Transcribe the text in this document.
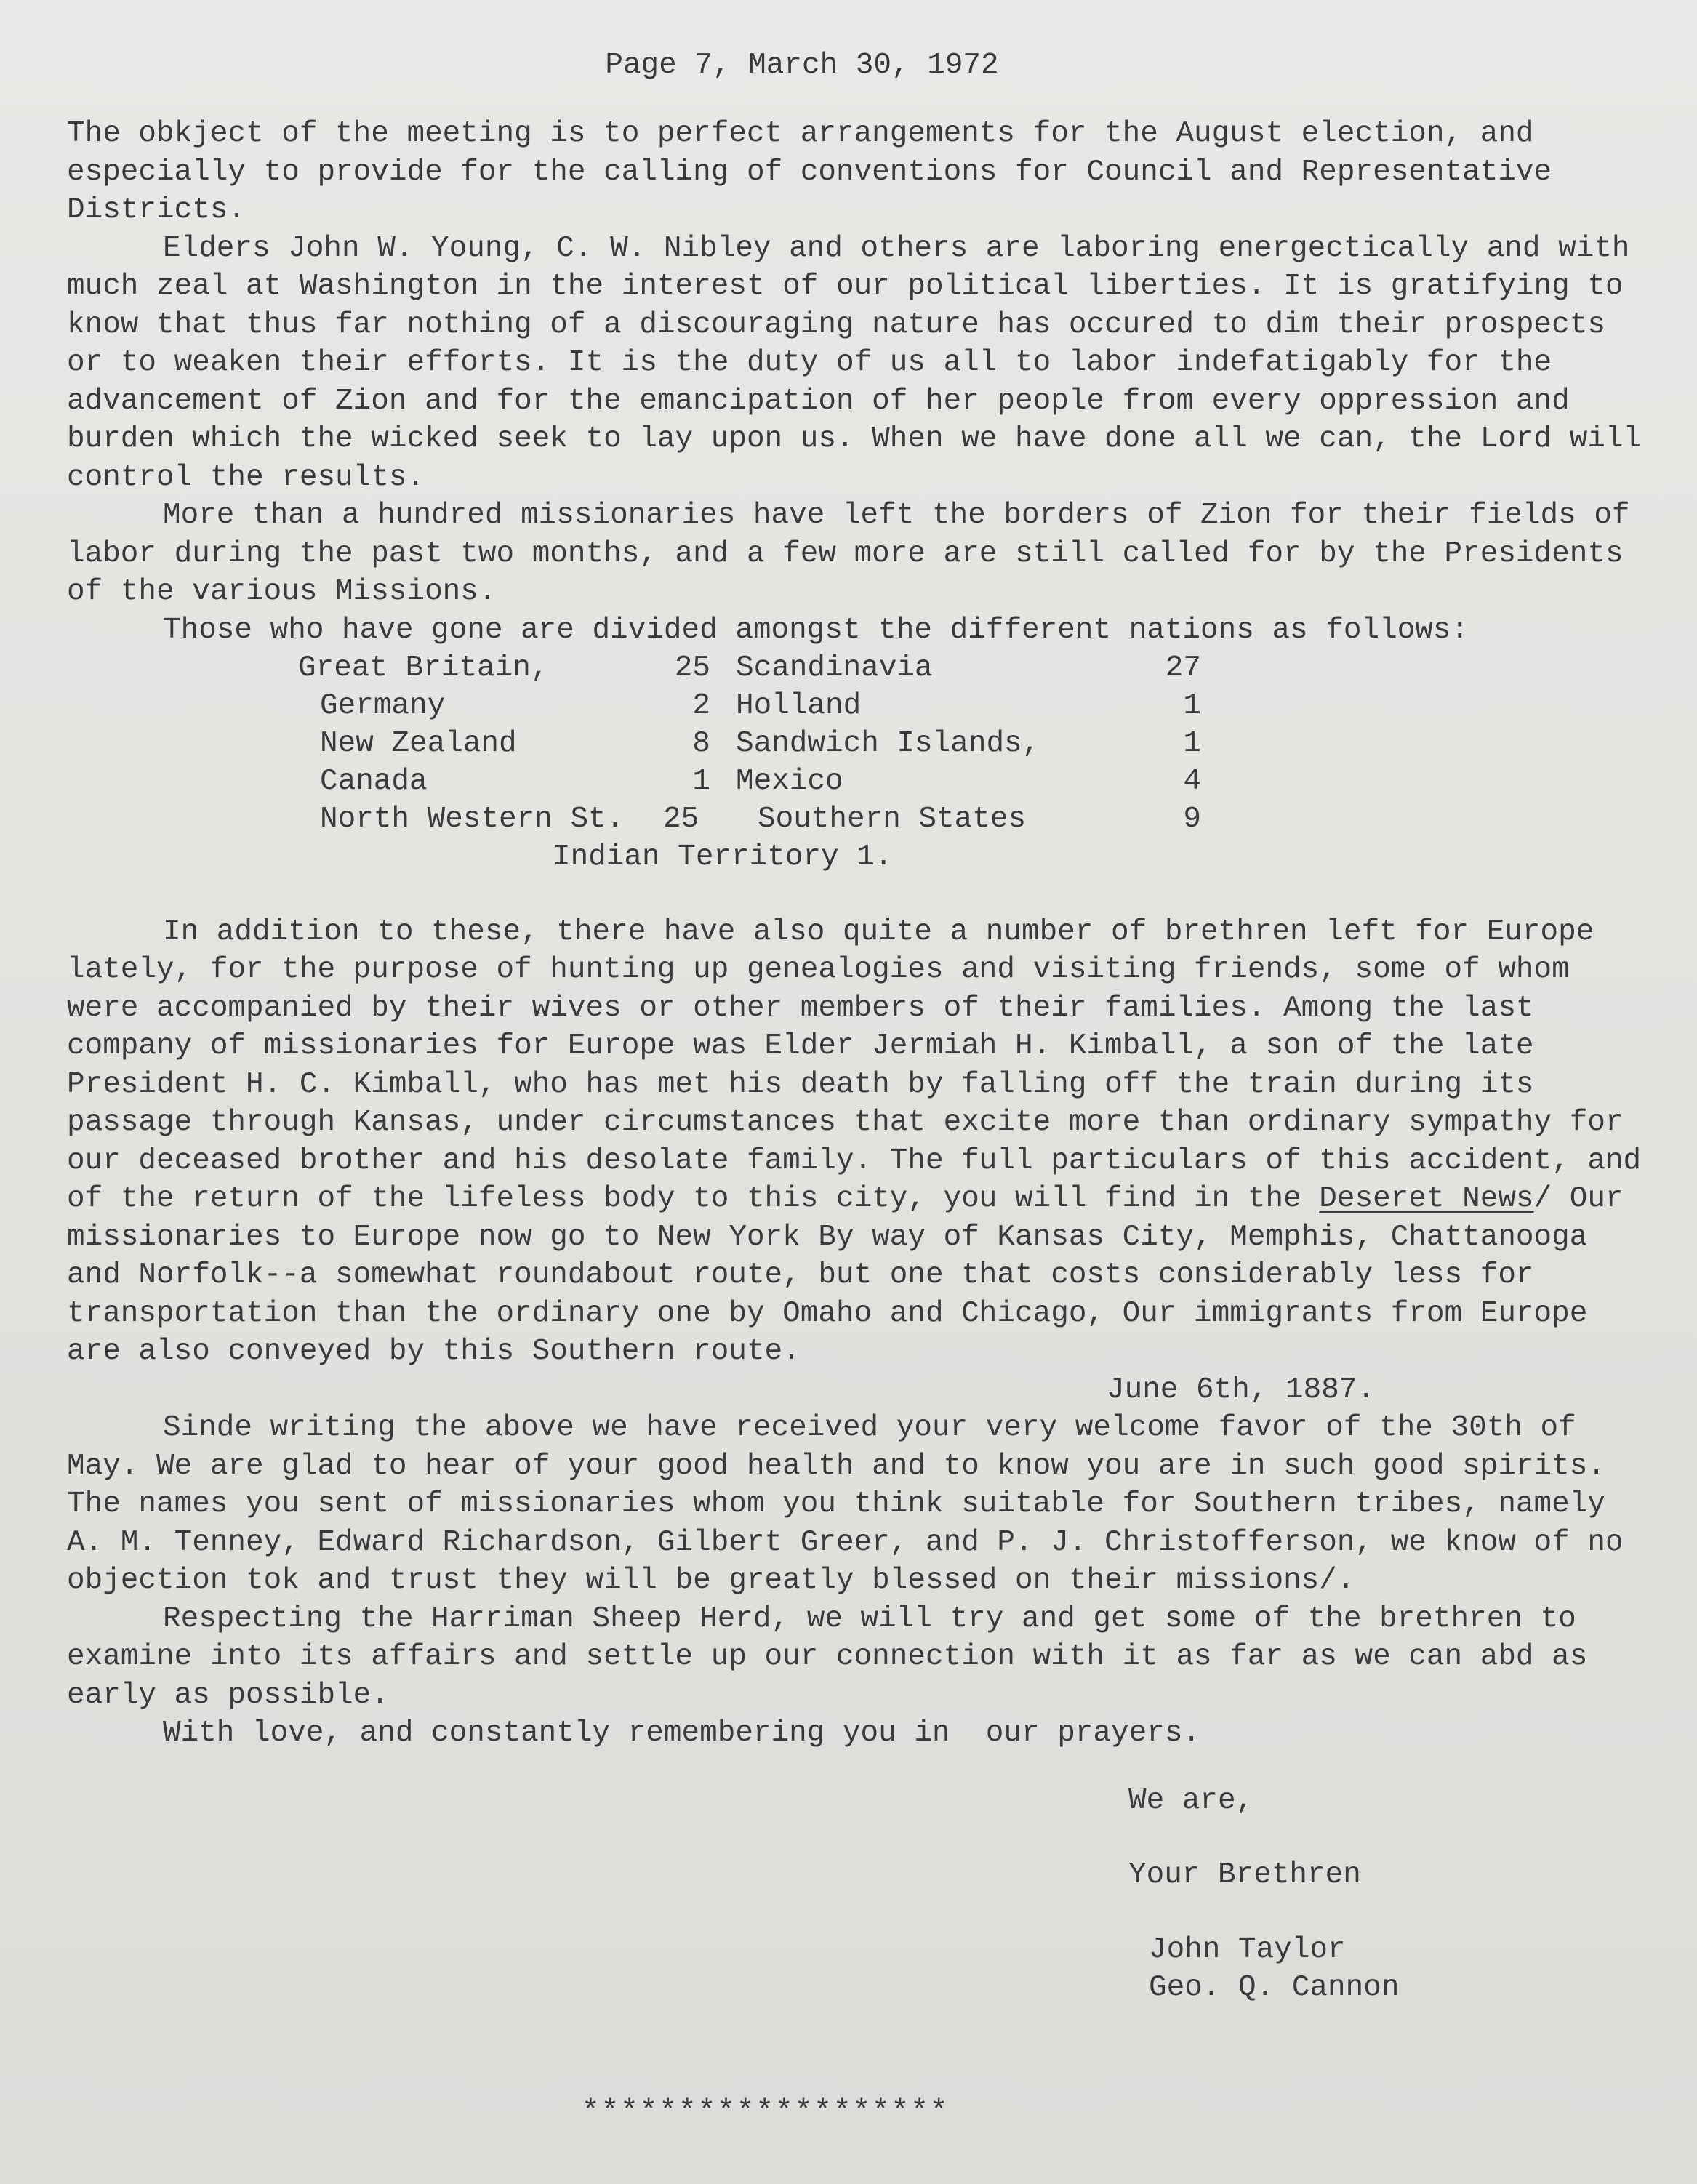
Page 7, March 30, 1972

The obkject of the meeting is to perfect arrangements for the August election, and especially to provide for the calling of conventions for Council and Representative Districts.

Elders John W. Young, C. W. Nibley and others are laboring energectically and with much zeal at Washington in the interest of our political liberties. It is gratifying to know that thus far nothing of a discouraging nature has occured to dim their prospects or to weaken their efforts. It is the duty of us all to labor indefatigably for the advancement of Zion and for the emancipation of her people from every oppression and burden which the wicked seek to lay upon us. When we have done all we can, the Lord will control the results.

More than a hundred missionaries have left the borders of Zion for their fields of labor during the past two months, and a few more are still called for by the Presidents of the various Missions.

Those who have gone are divided amongst the different nations as follows:

Great Britain,	25 Scandinavia	27
Germany	2 Holland	1
New Zealand	8 Sandwich Islands,	1
Canada	1 Mexico	4
North Western St. 25 Southern States	9
Indian Territory 1.

In addition to these, there have also quite a number of brethren left for Europe lately, for the purpose of hunting up genealogies and visiting friends, some of whom were accompanied by their wives or other members of their families. Among the last company of missionaries for Europe was Elder Jermiah H. Kimball, a son of the late President H. C. Kimball, who has met his death by falling off the train during its passage through Kansas, under circumstances that excite more than ordinary sympathy for our deceased brother and his desolate family. The full particulars of this accident, and of the return of the lifeless body to this city, you will find in the Deseret News/ Our missionaries to Europe now go to New York By way of Kansas City, Memphis, Chattanooga and Norfolk--a somewhat roundabout route, but one that costs considerably less for transportation than the ordinary one by Omaho and Chicago, Our immigrants from Europe are also conveyed by this Southern route.

June 6th, 1887.

Sinde writing the above we have received your very welcome favor of the 30th of May. We are glad to hear of your good health and to know you are in such good spirits. The names you sent of missionaries whom you think suitable for Southern tribes, namely A. M. Tenney, Edward Richardson, Gilbert Greer, and P. J. Christofferson, we know of no objection tok and trust they will be greatly blessed on their missions/.

Respecting the Harriman Sheep Herd, we will try and get some of the brethren to examine into its affairs and settle up our connection with it as far as we can abd as early as possible.

With love, and constantly remembering you in  our prayers.

We are,
Your Brethren
John Taylor
Geo. Q. Cannon
*******************
